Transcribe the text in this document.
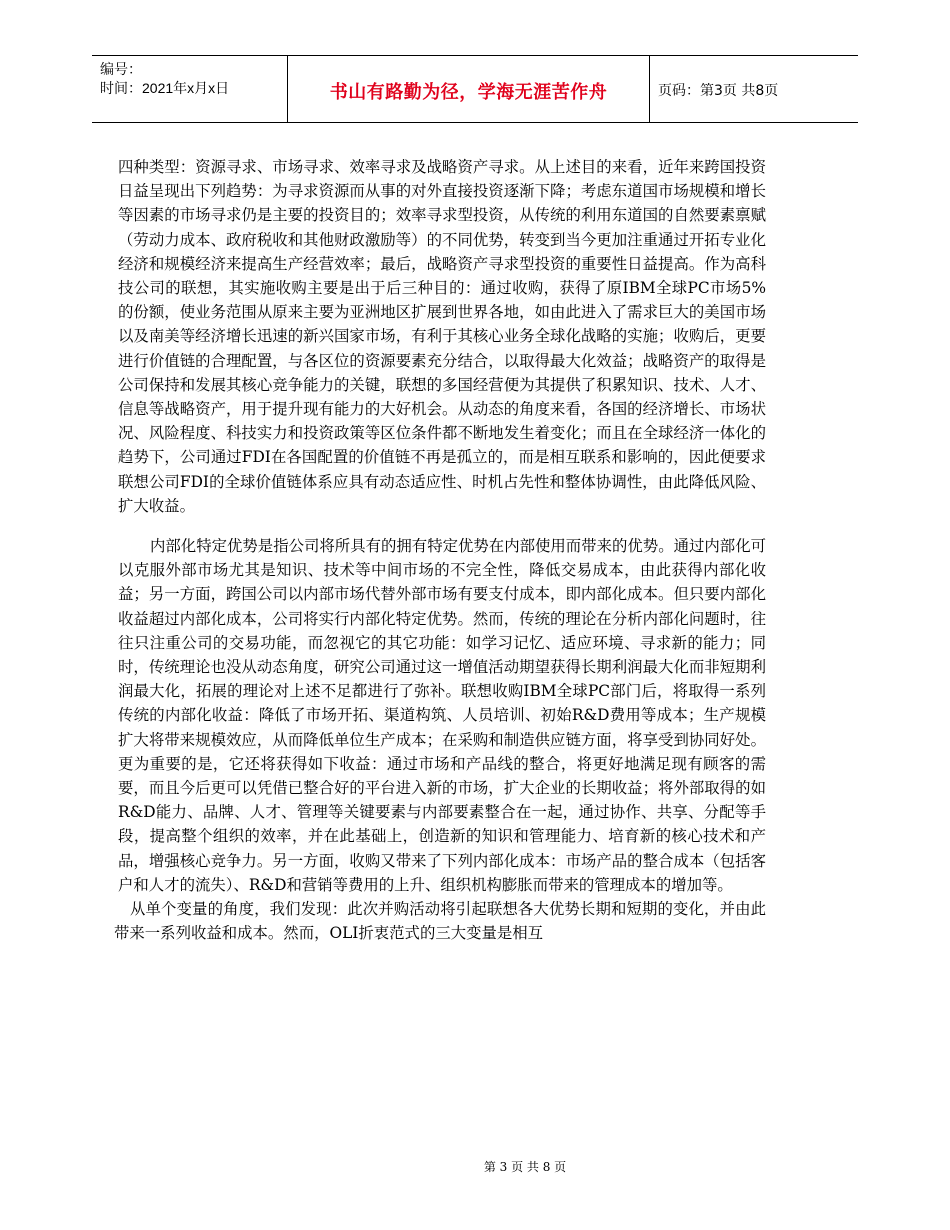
编号：
时间：2021年x月x日	书山有路勤为径，学海无涯苦作舟	页码：第3页 共8页

四种类型：资源寻求、市场寻求、效率寻求及战略资产寻求。从上述目的来看，近年来跨国投资日益呈现出下列趋势：为寻求资源而从事的对外直接投资逐渐下降；考虑东道国市场规模和增长等因素的市场寻求仍是主要的投资目的；效率寻求型投资，从传统的利用东道国的自然要素禀赋（劳动力成本、政府税收和其他财政激励等）的不同优势，转变到当今更加注重通过开拓专业化经济和规模经济来提高生产经营效率；最后，战略资产寻求型投资的重要性日益提高。作为高科技公司的联想，其实施收购主要是出于后三种目的：通过收购，获得了原IBM全球PC市场5%的份额，使业务范围从原来主要为亚洲地区扩展到世界各地，如由此进入了需求巨大的美国市场以及南美等经济增长迅速的新兴国家市场，有利于其核心业务全球化战略的实施；收购后，更要进行价值链的合理配置，与各区位的资源要素充分结合，以取得最大化效益；战略资产的取得是公司保持和发展其核心竞争能力的关键，联想的多国经营便为其提供了积累知识、技术、人才、信息等战略资产，用于提升现有能力的大好机会。从动态的角度来看，各国的经济增长、市场状况、风险程度、科技实力和投资政策等区位条件都不断地发生着变化；而且在全球经济一体化的趋势下，公司通过FDI在各国配置的价值链不再是孤立的，而是相互联系和影响的，因此便要求联想公司FDI的全球价值链体系应具有动态适应性、时机占先性和整体协调性，由此降低风险、扩大收益。

内部化特定优势是指公司将所具有的拥有特定优势在内部使用而带来的优势。通过内部化可以克服外部市场尤其是知识、技术等中间市场的不完全性，降低交易成本，由此获得内部化收益；另一方面，跨国公司以内部市场代替外部市场有要支付成本，即内部化成本。但只要内部化收益超过内部化成本，公司将实行内部化特定优势。然而，传统的理论在分析内部化问题时，往往只注重公司的交易功能，而忽视它的其它功能：如学习记忆、适应环境、寻求新的能力；同时，传统理论也没从动态角度，研究公司通过这一增值活动期望获得长期利润最大化而非短期利润最大化，拓展的理论对上述不足都进行了弥补。联想收购IBM全球PC部门后，将取得一系列传统的内部化收益：降低了市场开拓、渠道构筑、人员培训、初始R&D费用等成本；生产规模扩大将带来规模效应，从而降低单位生产成本；在采购和制造供应链方面，将享受到协同好处。更为重要的是，它还将获得如下收益：通过市场和产品线的整合，将更好地满足现有顾客的需要，而且今后更可以凭借已整合好的平台进入新的市场，扩大企业的长期收益；将外部取得的如R&D能力、品牌、人才、管理等关键要素与内部要素整合在一起，通过协作、共享、分配等手段，提高整个组织的效率，并在此基础上，创造新的知识和管理能力、培育新的核心技术和产品，增强核心竞争力。另一方面，收购又带来了下列内部化成本：市场产品的整合成本（包括客户和人才的流失）、R&D和营销等费用的上升、组织机构膨胀而带来的管理成本的增加等。

从单个变量的角度，我们发现：此次并购活动将引起联想各大优势长期和短期的变化，并由此带来一系列收益和成本。然而，OLI折衷范式的三大变量是相互

第 3 页 共 8 页
